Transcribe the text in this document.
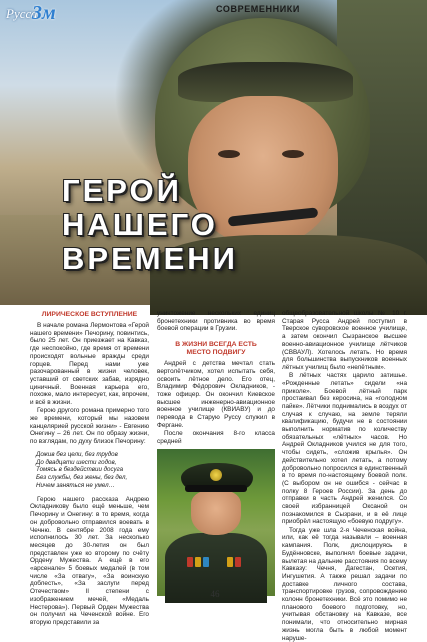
Русса
3м	СОВРЕМЕННИКИ
ГЕРОЙ
НАШЕГО
ВРЕМЕНИ
ЛИРИЧЕСКОЕ ВСТУПЛЕНИЕ
В начале романа Лермонтова «Герой нашего времени» Печорину, повинтись, было 25 лет. Он приезжает на Кавказ, где неспокойно, где время от времени происходят вольные вражды среди горцев. Перед нами уже разочарованный в жизни человек, уставший от светских забав, изрядно циничный. Военная карьера его, похоже, мало интересует, как, впрочем, и всё в жизни.
Герою другого романа примерно того же времени, который мы назовем канцелярией русской жизни» - Евгению Онегину – 26 лет. Он по образу жизни, по взглядам, по духу близок Печорину:
Дожив без цели, без трудов
До двадцати шести годов,
Томясь в бездействии досуга
Без службы, без жены, без дел,
Ничем заняться не умел…
Герою нашего рассказа Андрею Окладникову было ещё меньше, чем Печорину и Онегину: в то время, когда он добровольно отправился воевать в Чечню. В сентябре 2008 года ему исполнилось 30 лет. За несколько месяцев до 30-летия он был представлен уже ко второму по счёту Ордену Мужества. А ещё в его «арсенале» 5 боевых медалей (в том числе «За отвагу», «За воинскую доблесть», «За заслуги перед Отечеством» II степени с изображением мечей, «Медаль Нестерова»). Первый Орден Мужества он получил на Чеченской войне. Его вторую представили за
уничтожение нескольких единиц бронетехники противника во время боевой операции в Грузии.
В ЖИЗНИ ВСЕГДА ЕСТЬ
МЕСТО ПОДВИГУ
Андрей с детства мечтал стать вертолётчиком, хотел испытать себя, освоить лётное дело. Его отец, Владимир Фёдорович Окладников, - тоже офицер. Он окончил Киевское высшее инженерно-авиационное военное училище (КВИАВУ) и до перевода в Старую Руссу служил в Фергане.
После окончания 8-го класса средней
общеобразовательной школы № 10 г. Старая Русса Андрей поступил в Тверское суворовское военное училище, а затем окончил Сызранское высшее военно-авиационное училище лётчиков (СВВАУЛ). Хотелось летать. Но время для большинства выпускников военных лётных училищ было «нелётным».
В лётных частях царило затишье. «Рожденные летать» сидели «на приколе». Боевой лётный парк простаивал без керосина, на «голодном пайке». Лётчики поднимались в воздух от случая к случаю, на земле теряли квалификацию, будучи не в состоянии выполнить норматив по количеству обязательных «лётных» часов. Но Андрей Окладников учился не для того, чтобы сидеть, «сложив крылья». Он действительно хотел летать, а потому добровольно попросился в единственный в то время по-настоящему боевой полк. (С выбором он не ошибся - сейчас в полку 8 Героев России). За день до отправки в часть Андрей женился. Со своей избранницей Оксаной он познакомился в Сызрани, и в её лице приобрёл настоящую «боевую подругу».
Тогда уже шла 2-я Чеченская война, или, как её тогда называли – военная кампания. Полк, дислоцируясь в Будённовске, выполнял боевые задачи, вылетая на дальние расстояния по всему Кавказу: Чечня, Дагестан, Осетия, Ингушетия. А также решал задачи по доставке личного состава, транспортировке грузов, сопровождению колонн бронетехники. Всё это помимо не планового боевого подготовку, но, учитывая обстановку на Кавказе, все понимали, что относительно мирная жизнь могла быть в любой момент наруше-
46
